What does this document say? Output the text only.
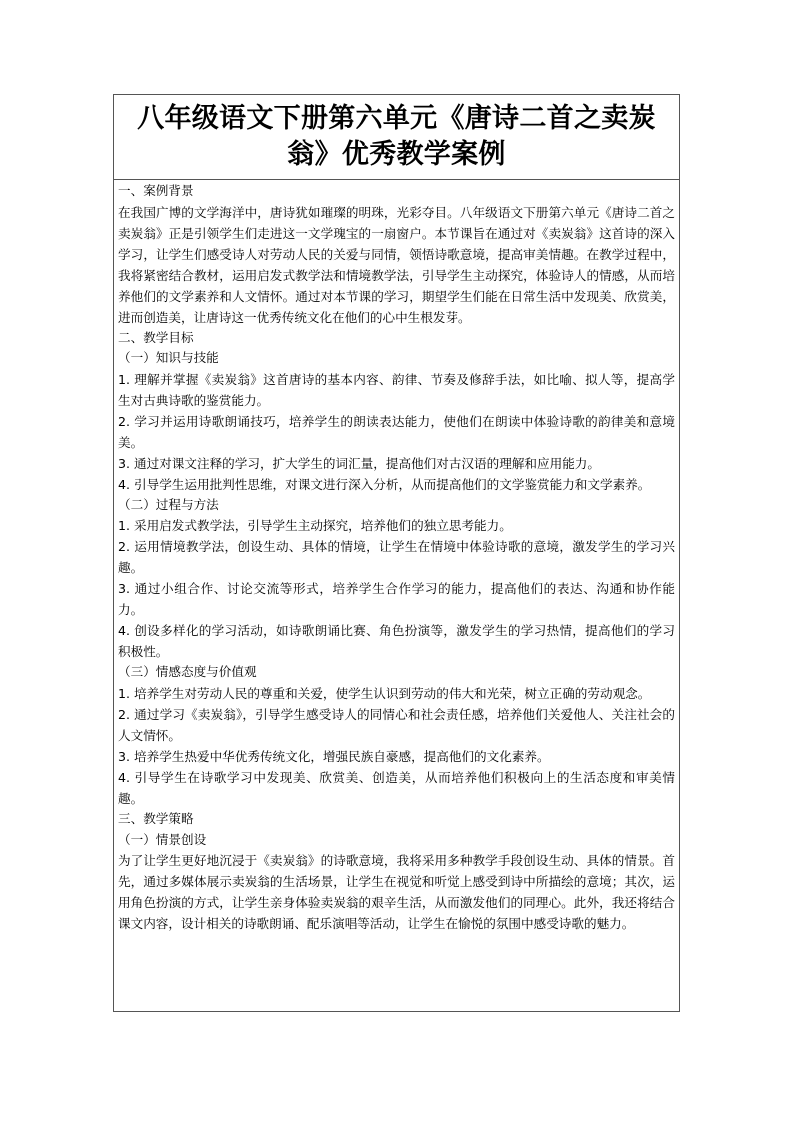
八年级语文下册第六单元《唐诗二首之卖炭翁》优秀教学案例

一、案例背景

在我国广博的文学海洋中，唐诗犹如璀璨的明珠，光彩夺目。八年级语文下册第六单元《唐诗二首之卖炭翁》正是引领学生们走进这一文学瑰宝的一扇窗户。本节课旨在通过对《卖炭翁》这首诗的深入学习，让学生们感受诗人对劳动人民的关爱与同情，领悟诗歌意境，提高审美情趣。在教学过程中，我将紧密结合教材，运用启发式教学法和情境教学法，引导学生主动探究，体验诗人的情感，从而培养他们的文学素养和人文情怀。通过对本节课的学习，期望学生们能在日常生活中发现美、欣赏美，进而创造美，让唐诗这一优秀传统文化在他们的心中生根发芽。

二、教学目标

（一）知识与技能

1. 理解并掌握《卖炭翁》这首唐诗的基本内容、韵律、节奏及修辞手法，如比喻、拟人等，提高学生对古典诗歌的鉴赏能力。

2. 学习并运用诗歌朗诵技巧，培养学生的朗读表达能力，使他们在朗读中体验诗歌的韵律美和意境美。

3. 通过对课文注释的学习，扩大学生的词汇量，提高他们对古汉语的理解和应用能力。

4. 引导学生运用批判性思维，对课文进行深入分析，从而提高他们的文学鉴赏能力和文学素养。

（二）过程与方法

1. 采用启发式教学法，引导学生主动探究，培养他们的独立思考能力。

2. 运用情境教学法，创设生动、具体的情境，让学生在情境中体验诗歌的意境，激发学生的学习兴趣。

3. 通过小组合作、讨论交流等形式，培养学生合作学习的能力，提高他们的表达、沟通和协作能力。

4. 创设多样化的学习活动，如诗歌朗诵比赛、角色扮演等，激发学生的学习热情，提高他们的学习积极性。

（三）情感态度与价值观

1. 培养学生对劳动人民的尊重和关爱，使学生认识到劳动的伟大和光荣，树立正确的劳动观念。

2. 通过学习《卖炭翁》，引导学生感受诗人的同情心和社会责任感，培养他们关爱他人、关注社会的人文情怀。

3. 培养学生热爱中华优秀传统文化，增强民族自豪感，提高他们的文化素养。

4. 引导学生在诗歌学习中发现美、欣赏美、创造美，从而培养他们积极向上的生活态度和审美情趣。

三、教学策略

（一）情景创设

为了让学生更好地沉浸于《卖炭翁》的诗歌意境，我将采用多种教学手段创设生动、具体的情景。首先，通过多媒体展示卖炭翁的生活场景，让学生在视觉和听觉上感受到诗中所描绘的意境；其次，运用角色扮演的方式，让学生亲身体验卖炭翁的艰辛生活，从而激发他们的同理心。此外，我还将结合课文内容，设计相关的诗歌朗诵、配乐演唱等活动，让学生在愉悦的氛围中感受诗歌的魅力。
